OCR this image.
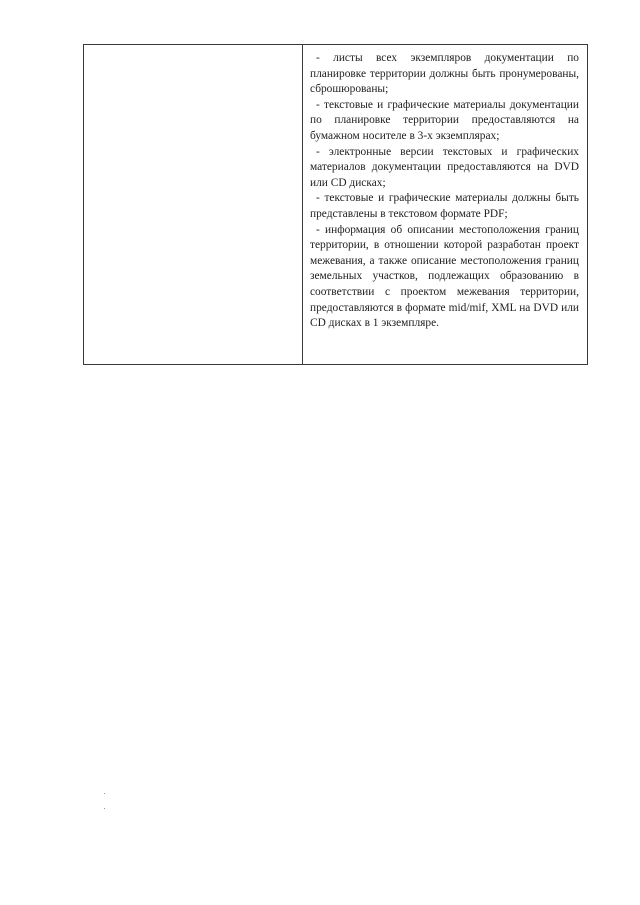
- листы всех экземпляров документации по планировке территории должны быть пронумерованы, сброшюрованы;

- текстовые и графические материалы документации по планировке территории предоставляются на бумажном носителе в 3-х экземплярах;

- электронные версии текстовых и графических материалов документации предоставляются на DVD или CD дисках;

- текстовые и графические материалы должны быть представлены в текстовом формате PDF;

- информация об описании местоположения границ территории, в отношении которой разработан проект межевания, а также описание местоположения границ земельных участков, подлежащих образованию в соответствии с проектом межевания территории, предоставляются в формате mid/mif, XML на DVD или CD дисках в 1 экземпляре.
